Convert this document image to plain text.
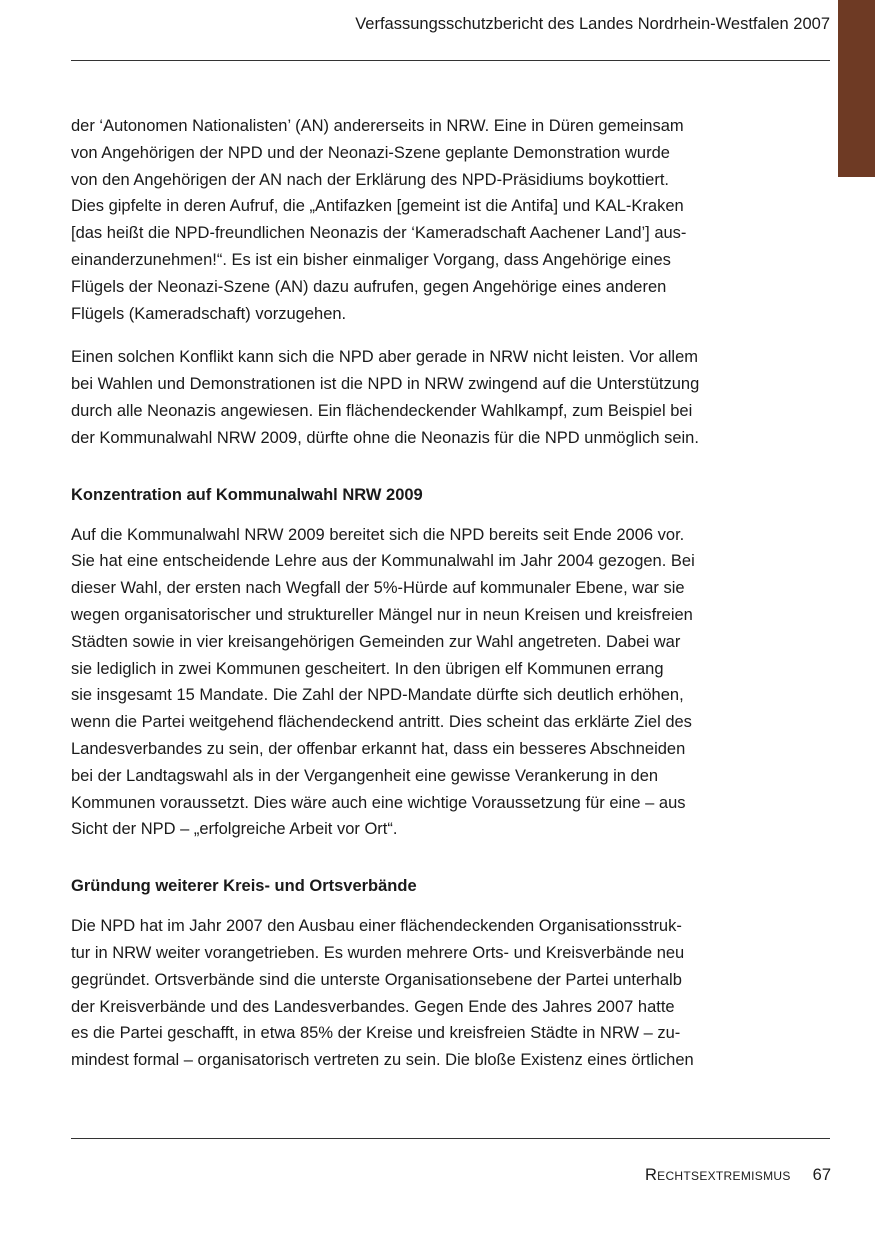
Verfassungsschutzbericht des Landes Nordrhein-Westfalen 2007
der ‘Autonomen Nationalisten’ (AN) andererseits in NRW. Eine in Düren gemeinsam
von Angehörigen der NPD und der Neonazi-Szene geplante Demonstration wurde
von den Angehörigen der AN nach der Erklärung des NPD-Präsidiums boykottiert.
Dies gipfelte in deren Aufruf, die „Antifazken [gemeint ist die Antifa] und KAL-Kraken
[das heißt die NPD-freundlichen Neonazis der ‘Kameradschaft Aachener Land’] aus-
einanderzunehmen!“. Es ist ein bisher einmaliger Vorgang, dass Angehörige eines
Flügels der Neonazi-Szene (AN) dazu aufrufen, gegen Angehörige eines anderen
Flügels (Kameradschaft) vorzugehen.
Einen solchen Konflikt kann sich die NPD aber gerade in NRW nicht leisten. Vor allem
bei Wahlen und Demonstrationen ist die NPD in NRW zwingend auf die Unterstützung
durch alle Neonazis angewiesen. Ein flächendeckender Wahlkampf, zum Beispiel bei
der Kommunalwahl NRW 2009, dürfte ohne die Neonazis für die NPD unmöglich sein.
Konzentration auf Kommunalwahl NRW 2009
Auf die Kommunalwahl NRW 2009 bereitet sich die NPD bereits seit Ende 2006 vor.
Sie hat eine entscheidende Lehre aus der Kommunalwahl im Jahr 2004 gezogen. Bei
dieser Wahl, der ersten nach Wegfall der 5%-Hürde auf kommunaler Ebene, war sie
wegen organisatorischer und struktureller Mängel nur in neun Kreisen und kreisfreien
Städten sowie in vier kreisangehörigen Gemeinden zur Wahl angetreten. Dabei war
sie lediglich in zwei Kommunen gescheitert. In den übrigen elf Kommunen errang
sie insgesamt 15 Mandate. Die Zahl der NPD-Mandate dürfte sich deutlich erhöhen,
wenn die Partei weitgehend flächendeckend antritt. Dies scheint das erklärte Ziel des
Landesverbandes zu sein, der offenbar erkannt hat, dass ein besseres Abschneiden
bei der Landtagswahl als in der Vergangenheit eine gewisse Verankerung in den
Kommunen voraussetzt. Dies wäre auch eine wichtige Voraussetzung für eine – aus
Sicht der NPD – „erfolgreiche Arbeit vor Ort“.
Gründung weiterer Kreis- und Ortsverbände
Die NPD hat im Jahr 2007 den Ausbau einer flächendeckenden Organisationsstruk-
tur in NRW weiter vorangetrieben. Es wurden mehrere Orts- und Kreisverbände neu
gegründet. Ortsverbände sind die unterste Organisationsebene der Partei unterhalb
der Kreisverbände und des Landesverbandes. Gegen Ende des Jahres 2007 hatte
es die Partei geschafft, in etwa 85% der Kreise und kreisfreien Städte in NRW – zu-
mindest formal – organisatorisch vertreten zu sein. Die bloße Existenz eines örtlichen
Rechtsextremismus 67
